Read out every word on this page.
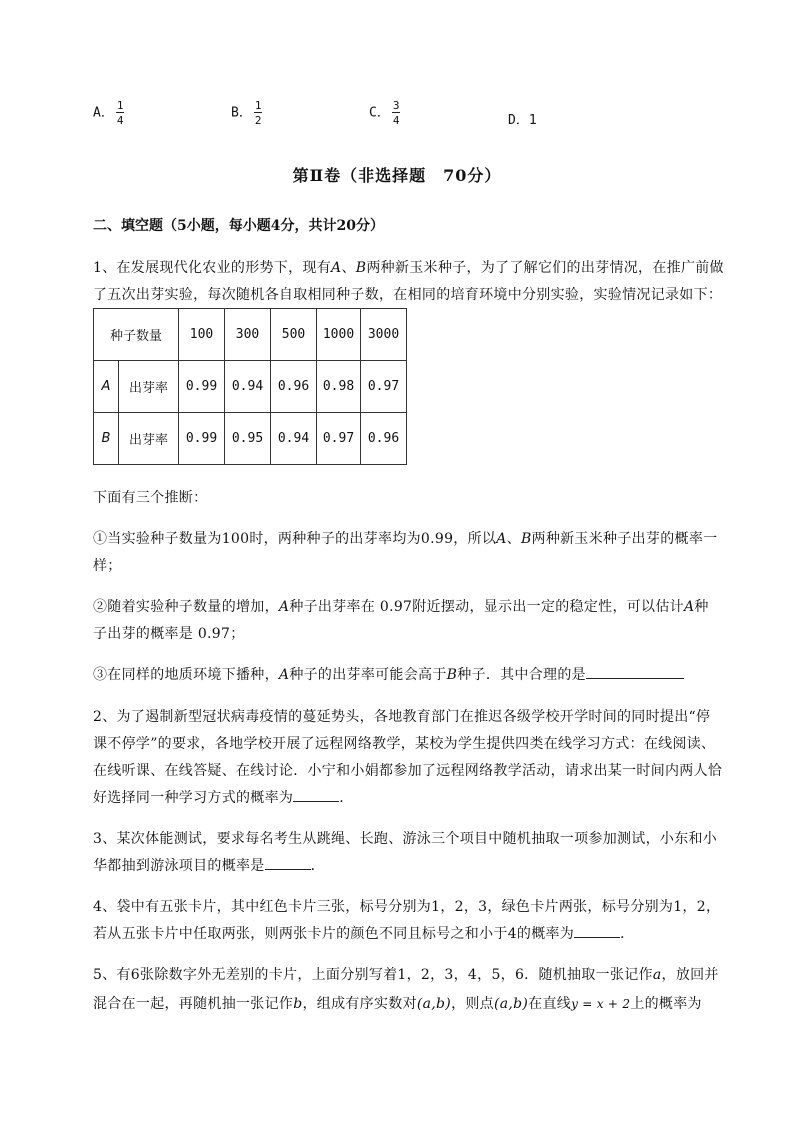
A． $\frac{1}{4}$	B． $\frac{1}{2}$	C． $\frac{3}{4}$	D．1
第Ⅱ卷（非选择题　70分）
二、填空题（5小题，每小题4分，共计20分）
1、在发展现代化农业的形势下，现有A、B两种新玉米种子，为了了解它们的出芽情况，在推广前做
了五次出芽实验，每次随机各自取相同种子数，在相同的培育环境中分别实验，实验情况记录如下：
种子数量		100	300	500	1000	3000
A	出芽率	0.99	0.94	0.96	0.98	0.97
B	出芽率	0.99	0.95	0.94	0.97	0.96
下面有三个推断：
①当实验种子数量为100时，两种种子的出芽率均为0.99，所以A、B两种新玉米种子出芽的概率一
样；
②随着实验种子数量的增加，A种子出芽率在 0.97附近摆动，显示出一定的稳定性，可以估计A种
子出芽的概率是 0.97；
③在同样的地质环境下播种，A种子的出芽率可能会高于B种子．其中合理的是
2、为了遏制新型冠状病毒疫情的蔓延势头，各地教育部门在推迟各级学校开学时间的同时提出“停
课不停学”的要求，各地学校开展了远程网络教学，某校为学生提供四类在线学习方式：在线阅读、
在线听课、在线答疑、在线讨论．小宁和小娟都参加了远程网络教学活动，请求出某一时间内两人恰
好选择同一种学习方式的概率为	．
3、某次体能测试，要求每名考生从跳绳、长跑、游泳三个项目中随机抽取一项参加测试，小东和小
华都抽到游泳项目的概率是	．
4、袋中有五张卡片，其中红色卡片三张，标号分别为1，2，3，绿色卡片两张，标号分别为1，2，
若从五张卡片中任取两张，则两张卡片的颜色不同且标号之和小于4的概率为	．
5、有6张除数字外无差别的卡片，上面分别写着1，2，3，4，5，6．随机抽取一张记作a，放回并
混合在一起，再随机抽一张记作b，组成有序实数对(a,b)，则点(a,b)在直线y = x + 2上的概率为
